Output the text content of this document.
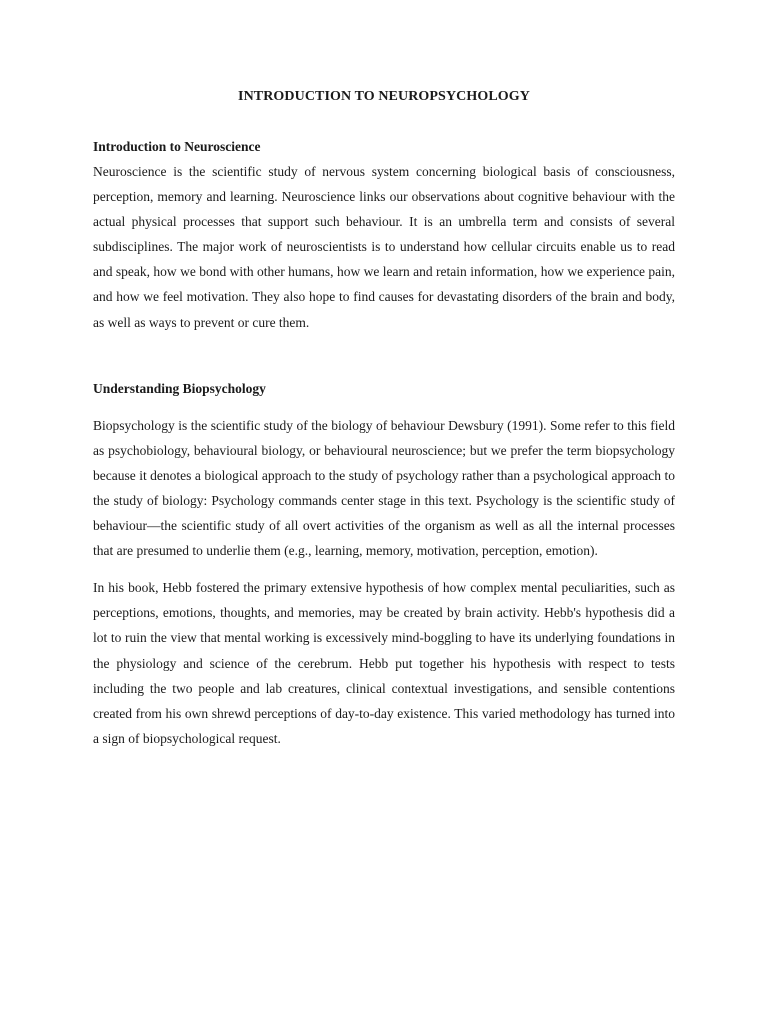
INTRODUCTION TO NEUROPSYCHOLOGY
Introduction to Neuroscience

Neuroscience is the scientific study of nervous system concerning biological basis of consciousness, perception, memory and learning. Neuroscience links our observations about cognitive behaviour with the actual physical processes that support such behaviour. It is an umbrella term and consists of several subdisciplines. The major work of neuroscientists is to understand how cellular circuits enable us to read and speak, how we bond with other humans, how we learn and retain information, how we experience pain, and how we feel motivation. They also hope to find causes for devastating disorders of the brain and body, as well as ways to prevent or cure them.

Understanding Biopsychology

Biopsychology is the scientific study of the biology of behaviour Dewsbury (1991). Some refer to this field as psychobiology, behavioural biology, or behavioural neuroscience; but we prefer the term biopsychology because it denotes a biological approach to the study of psychology rather than a psychological approach to the study of biology: Psychology commands center stage in this text. Psychology is the scientific study of behaviour—the scientific study of all overt activities of the organism as well as all the internal processes that are presumed to underlie them (e.g., learning, memory, motivation, perception, emotion).

In his book, Hebb fostered the primary extensive hypothesis of how complex mental peculiarities, such as perceptions, emotions, thoughts, and memories, may be created by brain activity. Hebb's hypothesis did a lot to ruin the view that mental working is excessively mind-boggling to have its underlying foundations in the physiology and science of the cerebrum. Hebb put together his hypothesis with respect to tests including the two people and lab creatures, clinical contextual investigations, and sensible contentions created from his own shrewd perceptions of day-to-day existence. This varied methodology has turned into a sign of biopsychological request.
